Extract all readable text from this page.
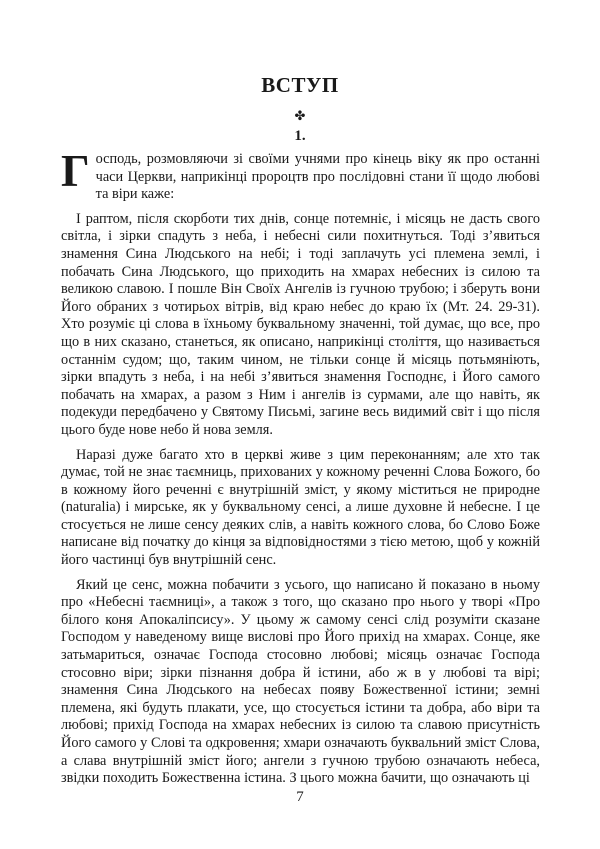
ВСТУП
✤
1.

Господь, розмовляючи зі своїми учнями про кінець віку як про останні часи Церкви, наприкінці пророцтв про послідовні стани її щодо любові та віри каже:

І раптом, після скорботи тих днів, сонце потемніє, і місяць не дасть свого світла, і зірки спадуть з неба, і небесні сили похитнуться. Тоді з’явиться знамення Сина Людського на небі; і тоді заплачуть усі племена землі, і побачать Сина Людського, що приходить на хмарах небесних із силою та великою славою. І пошле Він Своїх Ангелів із гучною трубою; і зберуть вони Його обраних з чотирьох вітрів, від краю небес до краю їх (Мт. 24. 29-31). Хто розуміє ці слова в їхньому буквальному значенні, той думає, що все, про що в них сказано, станеться, як описано, наприкінці століття, що називається останнім судом; що, таким чином, не тільки сонце й місяць потьмяніють, зірки впадуть з неба, і на небі з’явиться знамення Господнє, і Його самого побачать на хмарах, а разом з Ним і ангелів із сурмами, але що навіть, як подекуди передбачено у Святому Письмі, загине весь видимий світ і що після цього буде нове небо й нова земля.

Наразі дуже багато хто в церкві живе з цим переконанням; але хто так думає, той не знає таємниць, прихованих у кожному реченні Слова Божого, бо в кожному його реченні є внутрішній зміст, у якому міститься не природне (naturalia) і мирське, як у буквальному сенсі, а лише духовне й небесне. І це стосується не лише сенсу деяких слів, а навіть кожного слова, бо Слово Боже написане від початку до кінця за відповідностями з тією метою, щоб у кожній його частинці був внутрішній сенс.

Який це сенс, можна побачити з усього, що написано й показано в ньому про «Небесні таємниці», а також з того, що сказано про нього у творі «Про білого коня Апокаліпсису». У цьому ж самому сенсі слід розуміти сказане Господом у наведеному вище вислові про Його прихід на хмарах. Сонце, яке затьмариться, означає Господа стосовно любові; місяць означає Господа стосовно віри; зірки пізнання добра й істини, або ж в у любові та вірі; знамення Сина Людського на небесах появу Божественної істини; земні племена, які будуть плакати, усе, що стосується істини та добра, або віри та любові; прихід Господа на хмарах небесних із силою та славою присутність Його самого у Слові та одкровення; хмари означають буквальний зміст Слова, а слава внутрішній зміст його; ангели з гучною трубою означають небеса, звідки походить Божественна істина. З цього можна бачити, що означають ці

7
